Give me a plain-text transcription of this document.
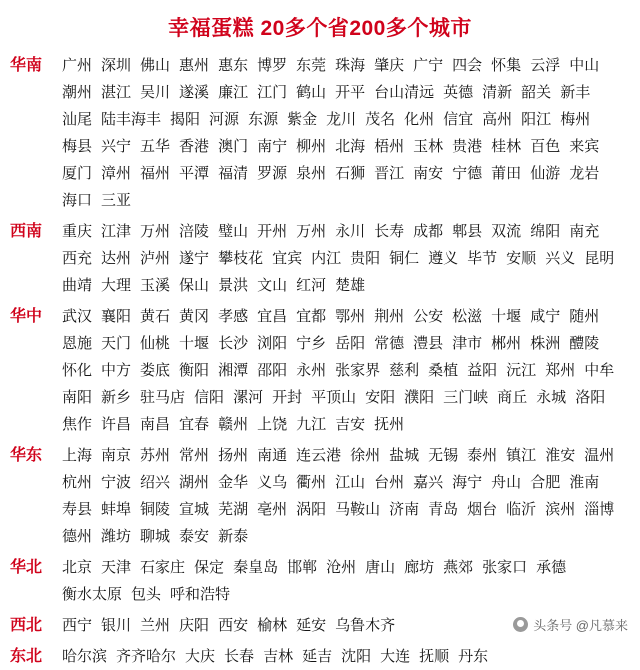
幸福蛋糕 20多个省200多个城市
华南	广州 深圳 佛山 惠州 惠东 博罗 东莞 珠海 肇庆 广宁 四会 怀集 云浮 中山潮州 湛江 吴川 遂溪 廉江 江门 鹤山 开平 台山清远 英德 清新 韶关 新丰汕尾 陆丰海丰 揭阳 河源 东源 紫金 龙川 茂名 化州 信宜 高州 阳江 梅州梅县 兴宁 五华 香港 澳门 南宁 柳州 北海 梧州 玉林 贵港 桂林 百色 来宾厦门 漳州 福州 平潭 福清 罗源 泉州 石狮 晋江 南安 宁德 莆田 仙游 龙岩海口 三亚
西南	重庆 江津 万州 涪陵 璧山 开州 万州 永川 长寿 成都 郫县 双流 绵阳 南充西充 达州 泸州 遂宁 攀枝花 宜宾 内江 贵阳 铜仁 遵义 毕节 安顺 兴义 昆明曲靖 大理 玉溪 保山 景洪 文山 红河 楚雄
华中	武汉 襄阳 黄石 黄冈 孝感 宜昌 宜都 鄂州 荆州 公安 松滋 十堰 咸宁 随州恩施 天门 仙桃 十堰 长沙 浏阳 宁乡 岳阳 常德 澧县 津市 郴州 株洲 醴陵怀化 中方 娄底 衡阳 湘潭 邵阳 永州 张家界 慈利 桑植 益阳 沅江 郑州 中牟南阳 新乡 驻马店 信阳 漯河 开封 平顶山 安阳 濮阳 三门峡 商丘 永城 洛阳焦作 许昌 南昌 宜春 赣州 上饶 九江 吉安 抚州
华东	上海 南京 苏州 常州 扬州 南通 连云港 徐州 盐城 无锡 泰州 镇江 淮安 温州杭州 宁波 绍兴 湖州 金华 义乌 衢州 江山 台州 嘉兴 海宁 舟山 合肥 淮南寿县 蚌埠 铜陵 宣城 芜湖 亳州 涡阳 马鞍山 济南 青岛 烟台 临沂 滨州 淄博德州 潍坊 聊城 泰安 新泰
华北	北京 天津 石家庄 保定 秦皇岛 邯郸 沧州 唐山 廊坊 燕郊 张家口 承德衡水太原 包头 呼和浩特
西北	西宁 银川 兰州 庆阳 西安 榆林 延安 乌鲁木齐
东北	哈尔滨 齐齐哈尔 大庆 长春 吉林 延吉 沈阳 大连 抚顺 丹东
头条号 @凡慕来
